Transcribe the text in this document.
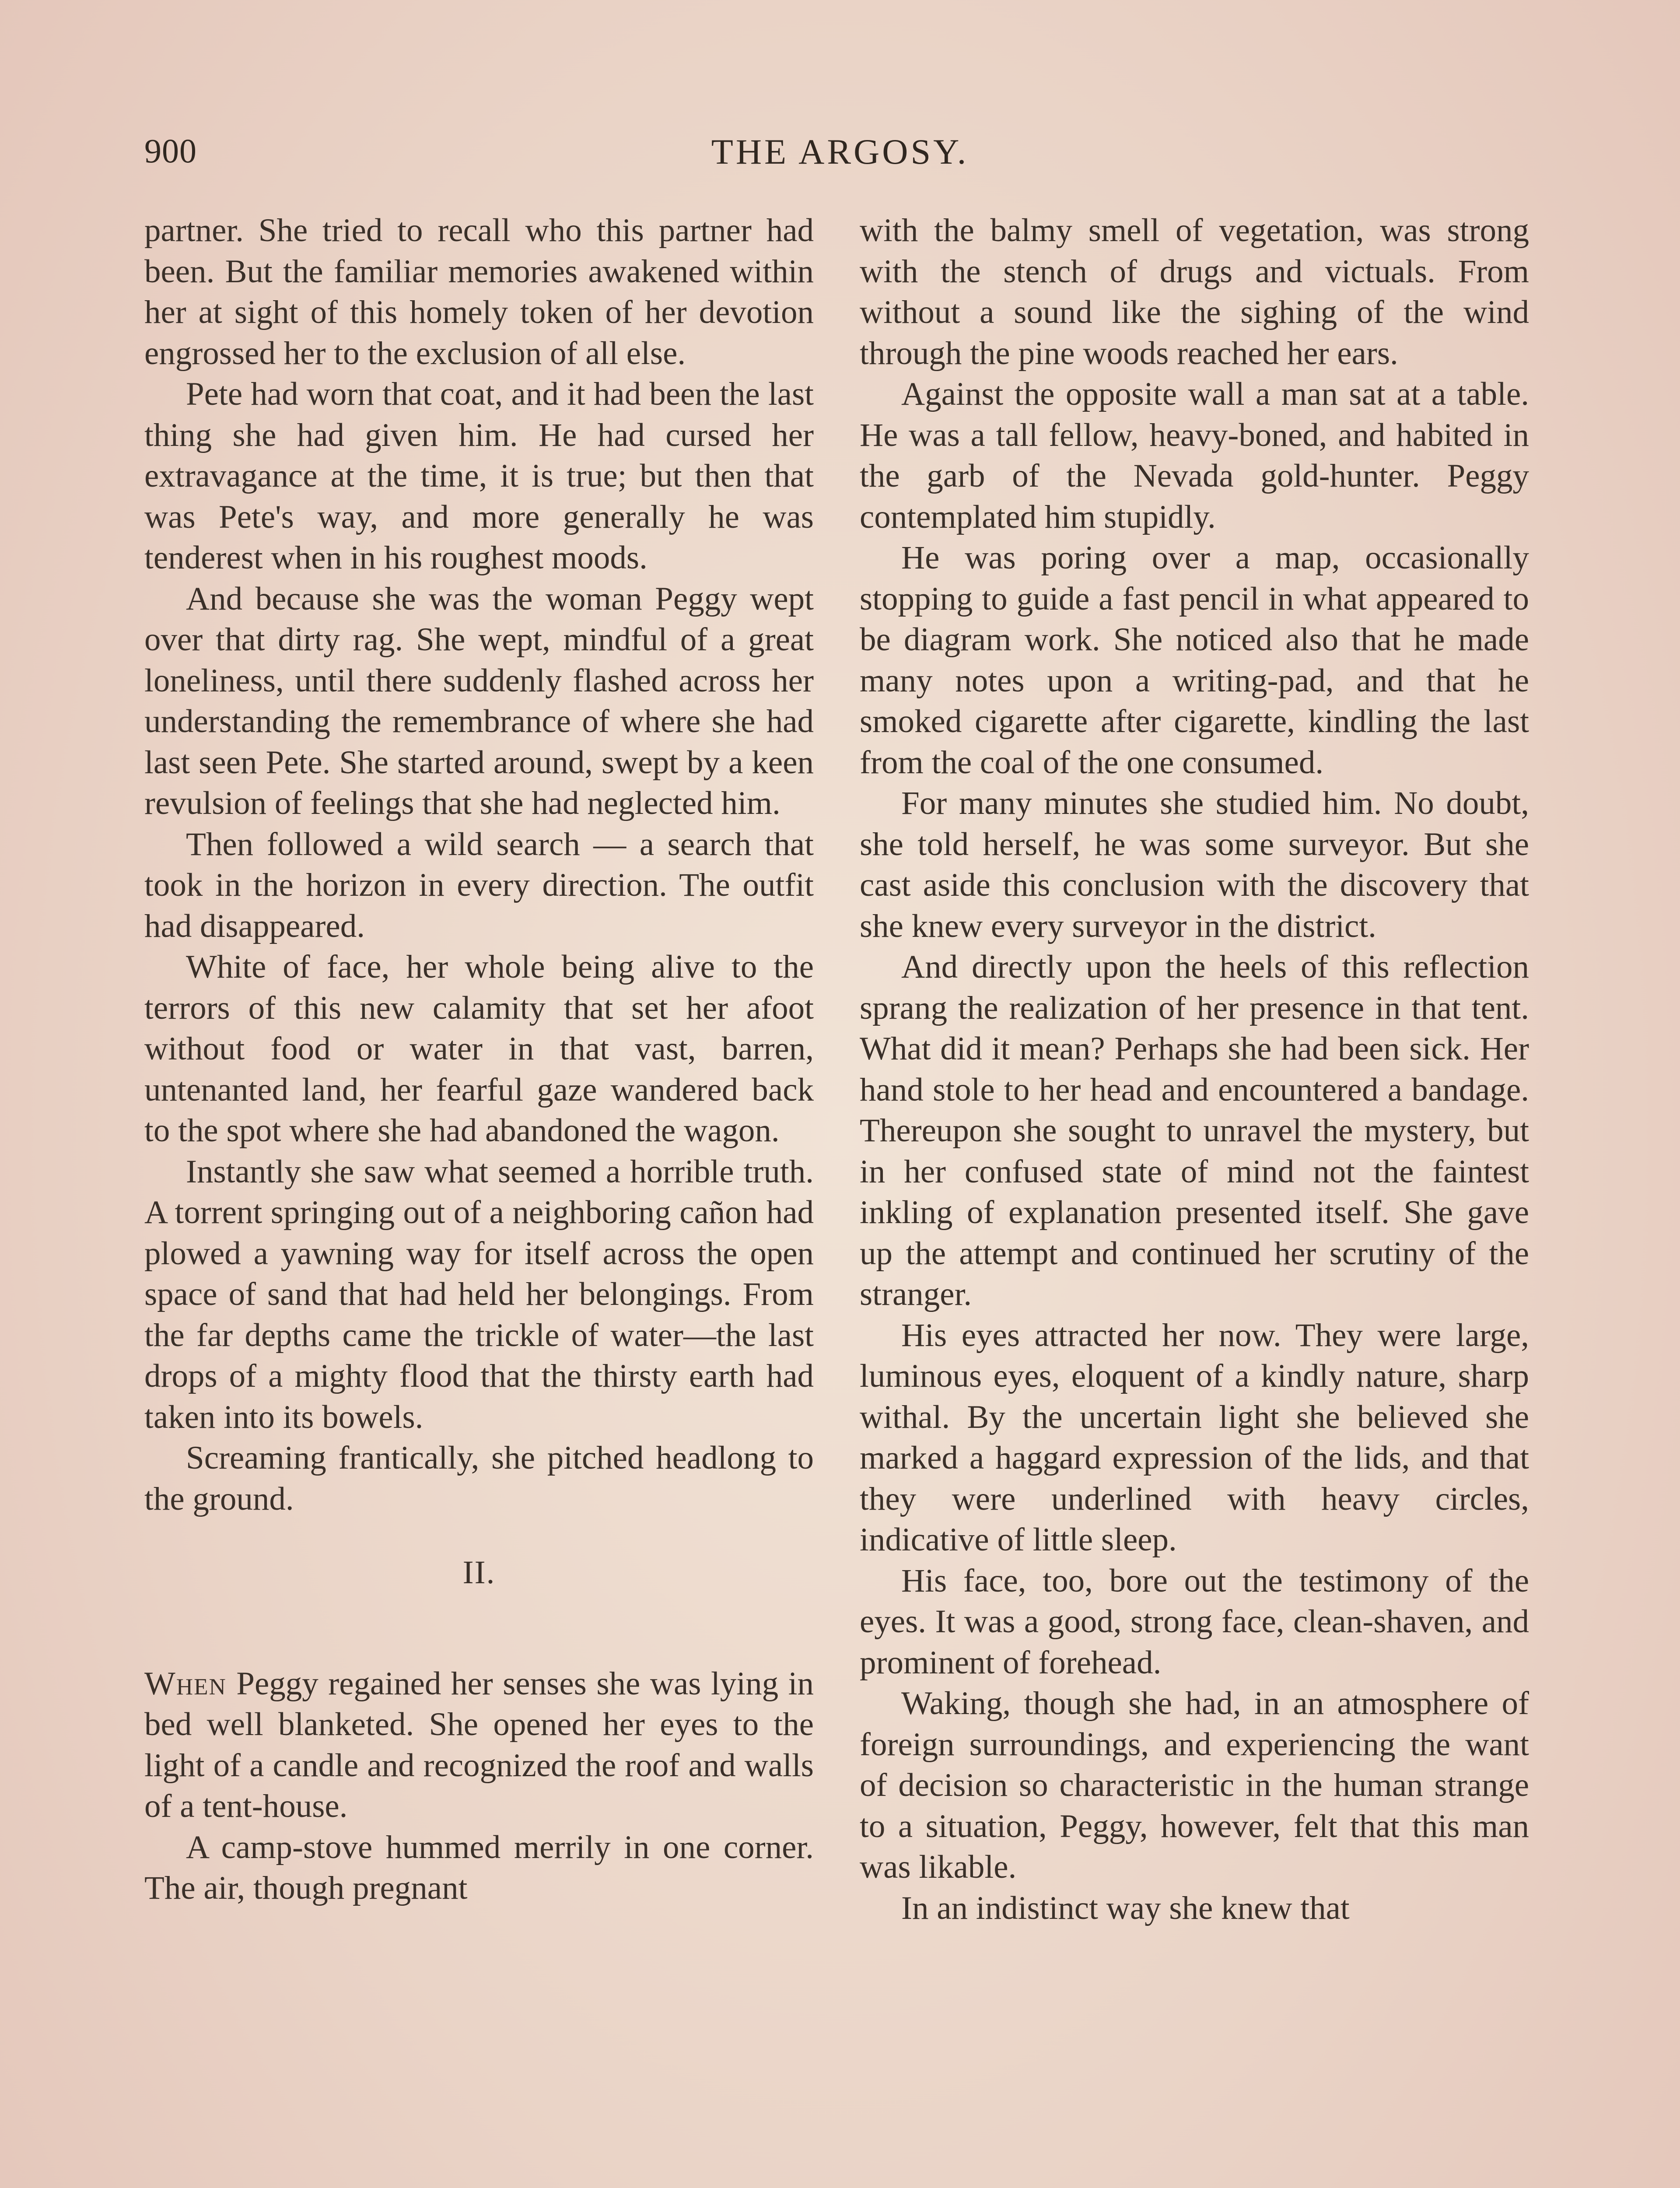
900	THE ARGOSY.

partner. She tried to recall who this partner had been. But the familiar memories awakened within her at sight of this homely token of her devotion engrossed her to the exclusion of all else.

Pete had worn that coat, and it had been the last thing she had given him. He had cursed her extravagance at the time, it is true; but then that was Pete's way, and more generally he was tenderest when in his roughest moods.

And because she was the woman Peggy wept over that dirty rag. She wept, mindful of a great loneliness, until there suddenly flashed across her understanding the remembrance of where she had last seen Pete. She started around, swept by a keen revulsion of feelings that she had neglected him.

Then followed a wild search — a search that took in the horizon in every direction. The outfit had disappeared.

White of face, her whole being alive to the terrors of this new calamity that set her afoot without food or water in that vast, barren, untenanted land, her fearful gaze wandered back to the spot where she had abandoned the wagon.

Instantly she saw what seemed a horrible truth. A torrent springing out of a neighboring cañon had plowed a yawning way for itself across the open space of sand that had held her belongings. From the far depths came the trickle of water—the last drops of a mighty flood that the thirsty earth had taken into its bowels.

Screaming frantically, she pitched headlong to the ground.

II.

When Peggy regained her senses she was lying in bed well blanketed. She opened her eyes to the light of a candle and recognized the roof and walls of a tent-house.

A camp-stove hummed merrily in one corner. The air, though pregnant

with the balmy smell of vegetation, was strong with the stench of drugs and victuals. From without a sound like the sighing of the wind through the pine woods reached her ears.

Against the opposite wall a man sat at a table. He was a tall fellow, heavy-boned, and habited in the garb of the Nevada gold-hunter. Peggy contemplated him stupidly.

He was poring over a map, occasionally stopping to guide a fast pencil in what appeared to be diagram work. She noticed also that he made many notes upon a writing-pad, and that he smoked cigarette after cigarette, kindling the last from the coal of the one consumed.

For many minutes she studied him. No doubt, she told herself, he was some surveyor. But she cast aside this conclusion with the discovery that she knew every surveyor in the district.

And directly upon the heels of this reflection sprang the realization of her presence in that tent. What did it mean? Perhaps she had been sick. Her hand stole to her head and encountered a bandage. Thereupon she sought to unravel the mystery, but in her confused state of mind not the faintest inkling of explanation presented itself. She gave up the attempt and continued her scrutiny of the stranger.

His eyes attracted her now. They were large, luminous eyes, eloquent of a kindly nature, sharp withal. By the uncertain light she believed she marked a haggard expression of the lids, and that they were underlined with heavy circles, indicative of little sleep.

His face, too, bore out the testimony of the eyes. It was a good, strong face, clean-shaven, and prominent of forehead.

Waking, though she had, in an atmosphere of foreign surroundings, and experiencing the want of decision so characteristic in the human strange to a situation, Peggy, however, felt that this man was likable.

In an indistinct way she knew that
